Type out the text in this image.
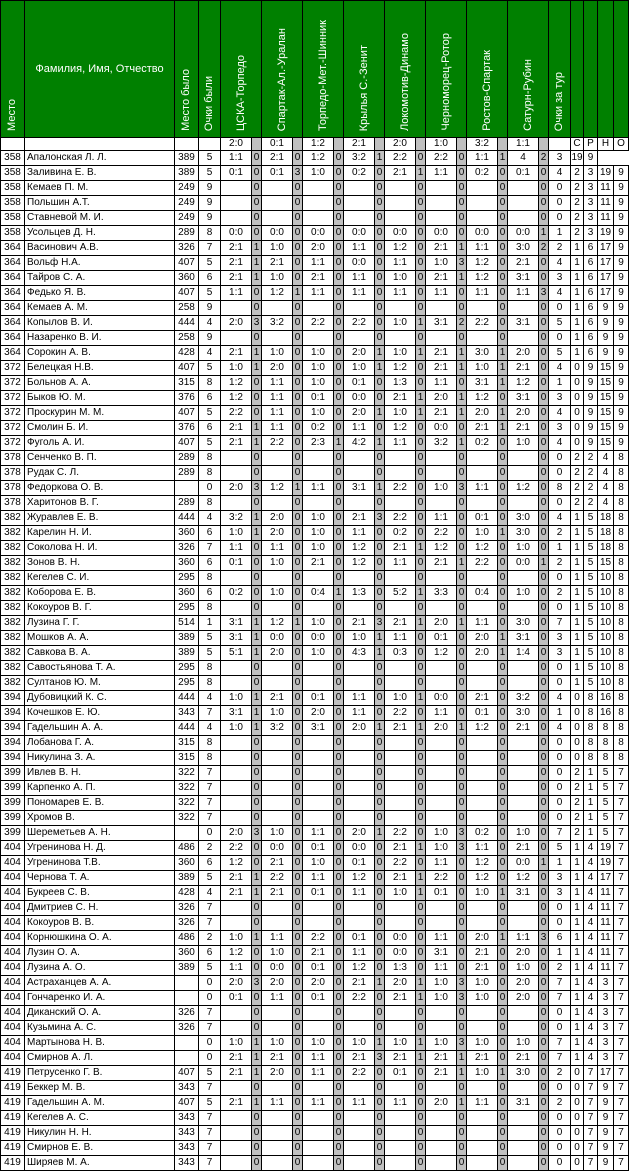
Место	Фамилия, Имя, Отчество	Место было	Очки были	ЦСКА-Торпедо		Спартак-Ал.-Уралан		Торпедо-Мет.-Шинник		Крылья С.-Зенит		Локомотив-Динамо		Черноморец-Ротор		Ростов-Спартак		Сатурн-Рубин		Очки за тур				
				2:0		0:1		1:2		2:1		2:0		1:0		3:2		1:1			С	Р	Н	О
358	Апалонская Л. Л.	389	5	1:1	0	2:1	0	1:2	0	3:2	1	2:2	0	2:2	0	1:1	1	4	2	3	19	9		
358	Заливина Е. В.	389	5	0:1	0	0:1	3	1:0	0	0:2	0	2:1	1	1:1	0	0:2	0	0:1	0	4	2	3	19	9
358	Кемаев П. М.	249	9		0		0		0		0		0		0		0		0	0	2	3	11	9
358	Польшин А.Т.	249	9		0		0		0		0		0		0		0		0	0	2	3	11	9
358	Ставневой М. И.	249	9		0		0		0		0		0		0		0		0	0	2	3	11	9
358	Усольцев Д. Н.	289	8	0:0	0	0:0	0	0:0	0	0:0	0	0:0	0	0:0	0	0:0	0	0:0	1	1	2	3	19	9
364	Васинович А.В.	326	7	2:1	1	1:0	0	2:0	0	1:1	0	1:2	0	2:1	1	1:1	0	3:0	2	2	1	6	17	9
364	Вольф Н.А.	407	5	2:1	1	2:1	0	1:1	0	0:0	0	1:1	0	1:0	3	1:2	0	2:1	0	4	1	6	17	9
364	Тайров С. А.	360	6	2:1	1	1:0	0	2:1	0	1:1	0	1:0	0	2:1	1	1:2	0	3:1	0	3	1	6	17	9
364	Федько Я. В.	407	5	1:1	0	1:2	1	1:1	0	1:1	0	1:1	0	1:1	0	1:1	0	1:1	3	4	1	6	17	9
364	Кемаев А. М.	258	9		0		0		0		0		0		0		0		0	0	1	6	9	9
364	Копылов В. И.	444	4	2:0	3	3:2	0	2:2	0	2:2	0	1:0	1	3:1	2	2:2	0	3:1	0	5	1	6	9	9
364	Назаренко В. И.	258	9		0		0		0		0		0		0		0		0	0	1	6	9	9
364	Сорокин А. В.	428	4	2:1	1	1:0	0	1:0	0	2:0	1	1:0	1	2:1	1	3:0	1	2:0	0	5	1	6	9	9
372	Белецкая Н.В.	407	5	1:0	1	2:0	0	1:0	0	1:0	1	1:2	0	2:1	1	1:0	1	2:1	0	4	0	9	15	9
372	Больнов А. А.	315	8	1:2	0	1:1	0	1:0	0	0:1	0	1:3	0	1:1	0	3:1	1	1:2	0	1	0	9	15	9
372	Быков Ю. М.	376	6	1:2	0	1:1	0	0:1	0	0:0	0	2:1	1	2:0	1	1:2	0	3:1	0	3	0	9	15	9
372	Проскурин М. М.	407	5	2:2	0	1:1	0	1:0	0	2:0	1	1:0	1	2:1	1	2:0	1	2:0	0	4	0	9	15	9
372	Смолин Б. И.	376	6	2:1	1	1:1	0	0:2	0	1:1	0	1:2	0	0:0	0	2:1	1	2:1	0	3	0	9	15	9
372	Фуголь А. И.	407	5	2:1	1	2:2	0	2:3	1	4:2	1	1:1	0	3:2	1	0:2	0	1:0	0	4	0	9	15	9
378	Сенченко В. П.	289	8		0		0		0		0		0		0		0		0	0	2	2	4	8
378	Рудак С. Л.	289	8		0		0		0		0		0		0		0		0	0	2	2	4	8
378	Федоркова О. В.		0	2:0	3	1:2	1	1:1	0	3:1	1	2:2	0	1:0	3	1:1	0	1:2	0	8	2	2	4	8
378	Харитонов В. Г.	289	8		0		0		0		0		0		0		0		0	0	2	2	4	8
382	Журавлев Е. В.	444	4	3:2	1	2:0	0	1:0	0	2:1	3	2:2	0	1:1	0	0:1	0	3:0	0	4	1	5	18	8
382	Карелин Н. И.	360	6	1:0	1	2:0	0	1:0	0	1:1	0	0:2	0	2:2	0	1:0	1	3:0	0	2	1	5	18	8
382	Соколова Н. И.	326	7	1:1	0	1:1	0	1:0	0	1:2	0	2:1	1	1:2	0	1:2	0	1:0	0	1	1	5	18	8
382	Зонов В. Н.	360	6	0:1	0	1:0	0	2:1	0	1:2	0	1:1	0	2:1	1	2:2	0	0:0	1	2	1	5	15	8
382	Кегелев С. И.	295	8		0		0		0		0		0		0		0		0	0	1	5	10	8
382	Коборова Е. В.	360	6	0:2	0	1:0	0	0:4	1	1:3	0	5:2	1	3:3	0	0:4	0	1:0	0	2	1	5	10	8
382	Кокоуров В. Г.	295	8		0		0		0		0		0		0		0		0	0	1	5	10	8
382	Лузина Г. Г.	514	1	3:1	1	1:2	1	1:0	0	2:1	3	2:1	1	2:0	1	1:1	0	3:0	0	7	1	5	10	8
382	Мошков А. А.	389	5	3:1	1	0:0	0	0:0	0	1:0	1	1:1	0	0:1	0	2:0	1	3:1	0	3	1	5	10	8
382	Савкова В. А.	389	5	5:1	1	2:0	0	1:0	0	4:3	1	0:3	0	1:2	0	2:0	1	1:4	0	3	1	5	10	8
382	Савостьянова Т. А.	295	8		0		0		0		0		0		0		0		0	0	1	5	10	8
382	Султанов Ю. М.	295	8		0		0		0		0		0		0		0		0	0	1	5	10	8
394	Дубовицкий К. С.	444	4	1:0	1	2:1	0	0:1	0	1:1	0	1:0	1	0:0	0	2:1	0	3:2	0	4	0	8	16	8
394	Кочешков Е. Ю.	343	7	3:1	1	1:0	0	2:0	0	1:1	0	2:2	0	1:1	0	0:1	0	3:0	0	1	0	8	16	8
394	Гадельшин А. А.	444	4	1:0	1	3:2	0	3:1	0	2:0	1	2:1	1	2:0	1	1:2	0	2:1	0	4	0	8	8	8
394	Лобанова Г. А.	315	8		0		0		0		0		0		0		0		0	0	0	8	8	8
394	Никулина З. А.	315	8		0		0		0		0		0		0		0		0	0	0	8	8	8
399	Ивлев В. Н.	322	7		0		0		0		0		0		0		0		0	0	2	1	5	7
399	Карпенко А. П.	322	7		0		0		0		0		0		0		0		0	0	2	1	5	7
399	Пономарев Е. В.	322	7		0		0		0		0		0		0		0		0	0	2	1	5	7
399	Хромов В.	322	7		0		0		0		0		0		0		0		0	0	2	1	5	7
399	Шереметьев А. Н.		0	2:0	3	1:0	0	1:1	0	2:0	1	2:2	0	1:0	3	0:2	0	1:0	0	7	2	1	5	7
404	Угренинова Н. Д.	486	2	2:2	0	0:0	0	0:1	0	0:0	0	2:1	1	1:0	3	1:1	0	2:1	0	5	1	4	19	7
404	Угренинова Т.В.	360	6	1:2	0	2:1	0	1:0	0	0:1	0	2:2	0	1:1	0	1:2	0	0:0	1	1	1	4	19	7
404	Чернова Т. А.	389	5	2:1	1	2:2	0	1:1	0	1:2	0	2:1	1	2:2	0	1:2	0	1:2	0	3	1	4	17	7
404	Букреев С. В.	428	4	2:1	1	2:1	0	0:1	0	1:1	0	1:0	1	0:1	0	1:0	1	3:1	0	3	1	4	11	7
404	Дмитриев С. Н.	326	7		0		0		0		0		0		0		0		0	0	1	4	11	7
404	Кокоуров В. В.	326	7		0		0		0		0		0		0		0		0	0	1	4	11	7
404	Корнюшкина О. А.	486	2	1:0	1	1:1	0	2:2	0	0:1	0	0:0	0	1:1	0	2:0	1	1:1	3	6	1	4	11	7
404	Лузин О. А.	360	6	1:2	0	1:0	0	2:1	0	1:1	0	0:0	0	3:1	0	2:1	0	2:0	0	1	1	4	11	7
404	Лузина А. О.	389	5	1:1	0	0:0	0	0:1	0	1:2	0	1:3	0	1:1	0	2:1	0	1:0	0	2	1	4	11	7
404	Астраханцев А. А.		0	2:0	3	2:0	0	2:0	0	2:1	1	2:0	1	1:0	3	1:0	0	2:0	0	7	1	4	3	7
404	Гончаренко И. А.		0	0:1	0	1:1	0	0:1	0	2:2	0	2:1	1	1:0	3	1:0	0	2:0	0	7	1	4	3	7
404	Диканский О. А.	326	7		0		0		0		0		0		0		0		0	0	1	4	3	7
404	Кузьмина А. С.	326	7		0		0		0		0		0		0		0		0	0	1	4	3	7
404	Мартынова Н. В.		0	1:0	1	1:0	0	1:0	0	1:0	1	1:0	1	1:0	3	1:0	0	1:0	0	7	1	4	3	7
404	Смирнов А. Л.		0	2:1	1	2:1	0	1:1	0	2:1	3	2:1	1	2:1	1	2:1	0	2:1	0	7	1	4	3	7
419	Петрусенко Г. В.	407	5	2:1	1	2:0	0	1:1	0	2:2	0	0:1	0	2:1	1	1:0	1	3:0	0	2	0	7	17	7
419	Беккер М. В.	343	7		0		0		0		0		0		0		0		0	0	0	7	9	7
419	Гадельшин А. М.	407	5	2:1	1	1:1	0	1:1	0	1:1	0	1:1	0	2:0	1	1:1	0	3:1	0	2	0	7	9	7
419	Кегелев А. С.	343	7		0		0		0		0		0		0		0		0	0	0	7	9	7
419	Никулин Н. Н.	343	7		0		0		0		0		0		0		0		0	0	0	7	9	7
419	Смирнов Е. В.	343	7		0		0		0		0		0		0		0		0	0	0	7	9	7
419	Ширяев М. А.	343	7		0		0		0		0		0		0		0		0	0	0	7	9	7
